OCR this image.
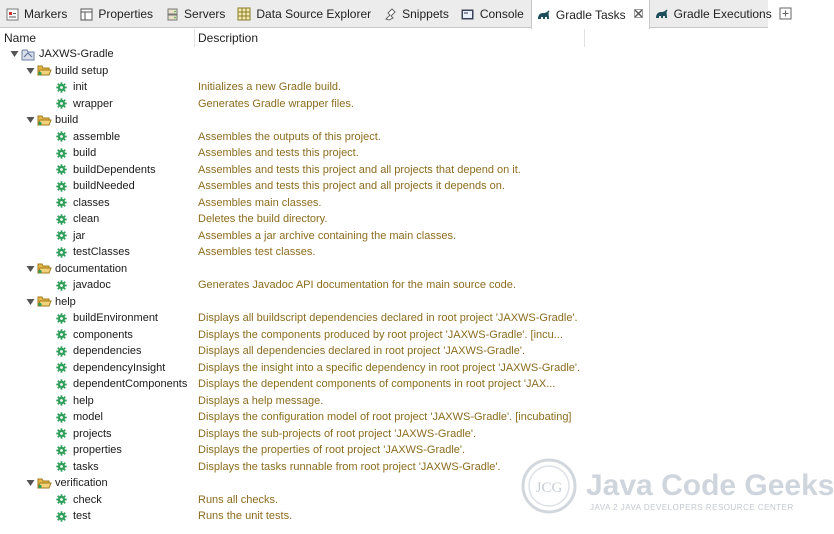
Markers	Properties	Servers	Data Source Explorer	Snippets	Console	Gradle Tasks	Gradle Executions
Name	Description
JAXWS-Gradle
build setup
init	Initializes a new Gradle build.
wrapper	Generates Gradle wrapper files.
build
assemble	Assembles the outputs of this project.
build	Assembles and tests this project.
buildDependents	Assembles and tests this project and all projects that depend on it.
buildNeeded	Assembles and tests this project and all projects it depends on.
classes	Assembles main classes.
clean	Deletes the build directory.
jar	Assembles a jar archive containing the main classes.
testClasses	Assembles test classes.
documentation
javadoc	Generates Javadoc API documentation for the main source code.
help
buildEnvironment	Displays all buildscript dependencies declared in root project 'JAXWS-Gradle'.
components	Displays the components produced by root project 'JAXWS-Gradle'. [incu...
dependencies	Displays all dependencies declared in root project 'JAXWS-Gradle'.
dependencyInsight	Displays the insight into a specific dependency in root project 'JAXWS-Gradle'.
dependentComponents Displays the dependent components of components in root project 'JAX...
help	Displays a help message.
model	Displays the configuration model of root project 'JAXWS-Gradle'. [incubating]
projects	Displays the sub-projects of root project 'JAXWS-Gradle'.
properties	Displays the properties of root project 'JAXWS-Gradle'.
tasks	Displays the tasks runnable from root project 'JAXWS-Gradle'.
verification
check	Runs all checks.
test	Runs the unit tests.
JCG Java Code Geeks
JAVA 2 JAVA DEVELOPERS RESOURCE CENTER
